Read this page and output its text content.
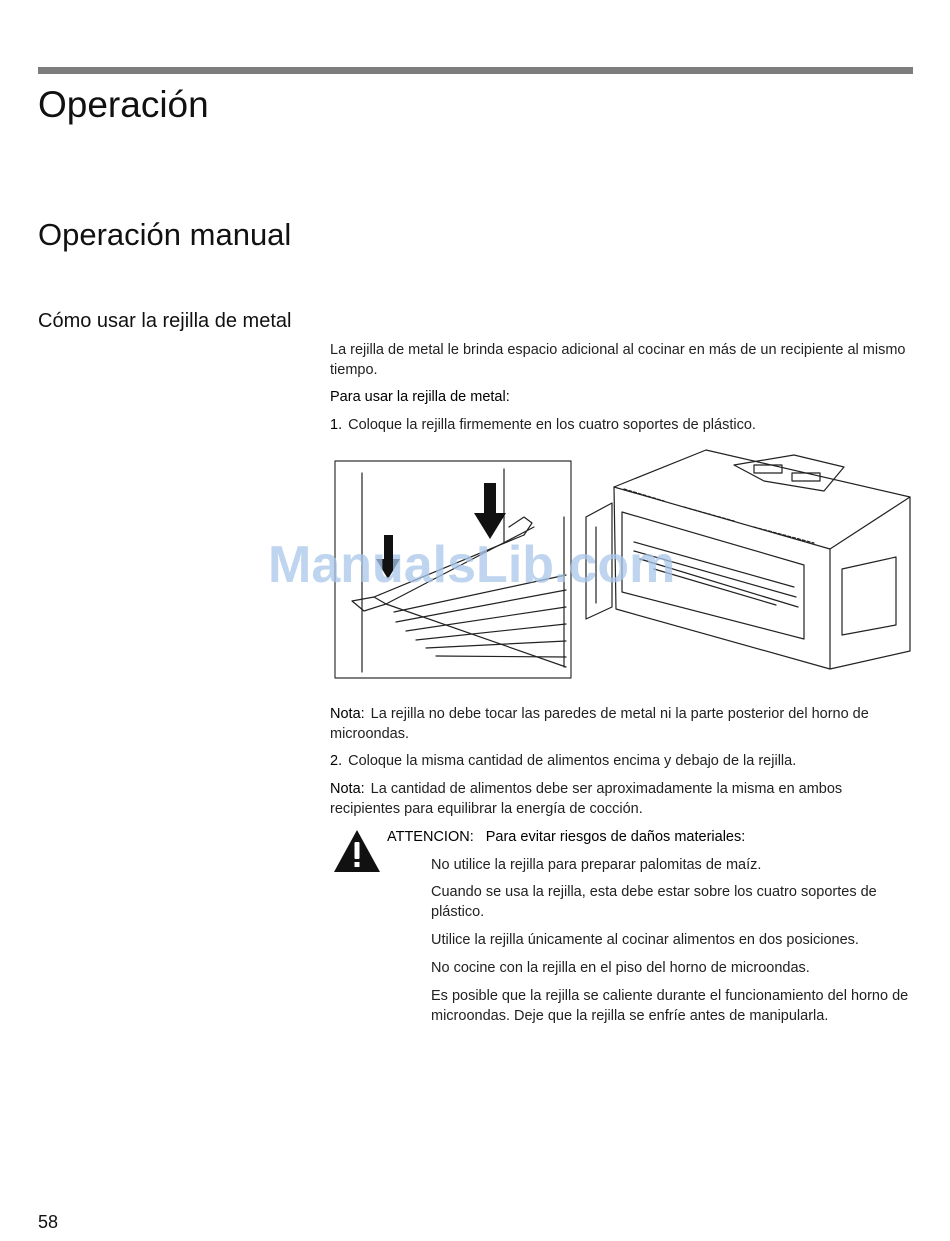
Operación
Operación manual
Cómo usar la rejilla de metal

La rejilla de metal le brinda espacio adicional al cocinar en más de un recipiente al mismo tiempo.

Para usar la rejilla de metal:

1. Coloque la rejilla firmemente en los cuatro soportes de plástico.

ManualsLib.com

Nota: La rejilla no debe tocar las paredes de metal ni la parte posterior del horno de microondas.

2. Coloque la misma cantidad de alimentos encima y debajo de la rejilla.

Nota: La cantidad de alimentos debe ser aproximadamente la misma en ambos recipientes para equilibrar la energía de cocción.

ATTENCION: Para evitar riesgos de daños materiales:

No utilice la rejilla para preparar palomitas de maíz.

Cuando se usa la rejilla, esta debe estar sobre los cuatro soportes de plástico.

Utilice la rejilla únicamente al cocinar alimentos en dos posiciones.

No cocine con la rejilla en el piso del horno de microondas.

Es posible que la rejilla se caliente durante el funcionamiento del horno de microondas. Deje que la rejilla se enfríe antes de manipularla.

58
